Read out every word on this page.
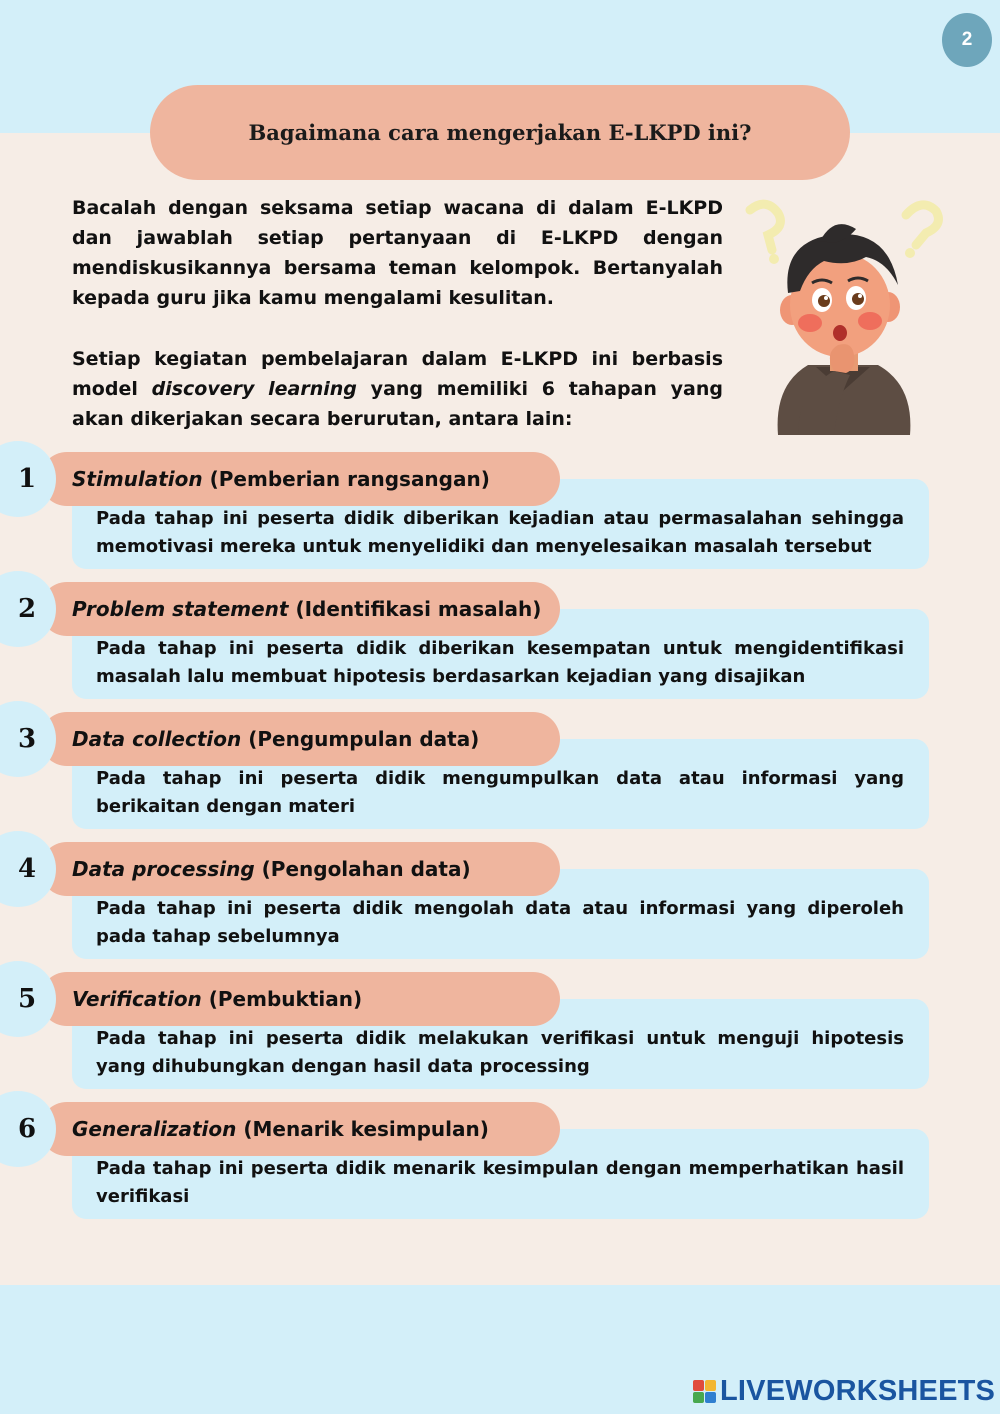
2
Bagaimana cara mengerjakan E-LKPD ini?

Bacalah dengan seksama setiap wacana di dalam E-LKPD dan jawablah setiap pertanyaan di E-LKPD dengan mendiskusikannya bersama teman kelompok. Bertanyalah kepada guru jika kamu mengalami kesulitan.

Setiap kegiatan pembelajaran dalam E-LKPD ini berbasis model discovery learning yang memiliki 6 tahapan yang akan dikerjakan secara berurutan, antara lain:

Pada tahap ini peserta didik diberikan kejadian atau permasalahan sehingga memotivasi mereka untuk menyelidiki dan menyelesaikan masalah tersebut

Stimulation (Pemberian rangsangan)
1

Pada tahap ini peserta didik diberikan kesempatan untuk mengidentifikasi masalah lalu membuat hipotesis berdasarkan kejadian yang disajikan

Problem statement (Identifikasi masalah)
2

Pada tahap ini peserta didik mengumpulkan data atau informasi yang berikaitan dengan materi

Data collection (Pengumpulan data)
3

Pada tahap ini peserta didik mengolah data atau informasi yang diperoleh pada tahap sebelumnya

Data processing (Pengolahan data)
4

Pada tahap ini peserta didik melakukan verifikasi untuk menguji hipotesis yang dihubungkan dengan hasil data processing

Verification (Pembuktian)
5

Pada tahap ini peserta didik menarik kesimpulan dengan memperhatikan hasil verifikasi

Generalization (Menarik kesimpulan)
6
LIVEWORKSHEETS
